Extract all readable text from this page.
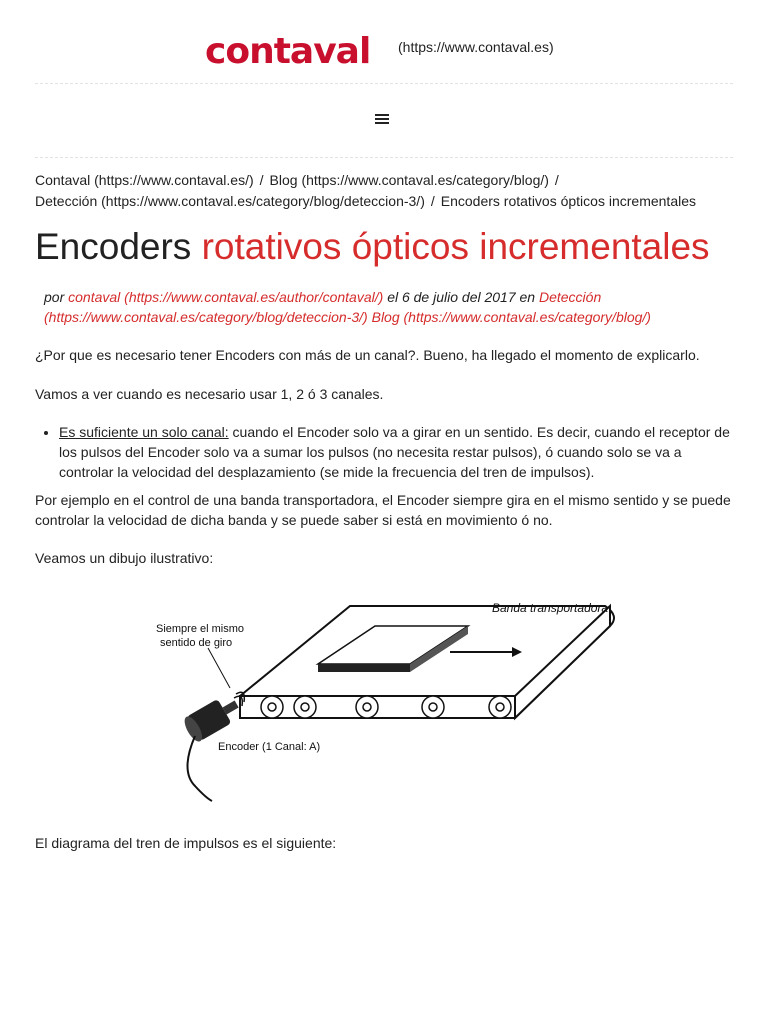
contaval (https://www.contaval.es)
Contaval (https://www.contaval.es/) / Blog (https://www.contaval.es/category/blog/) /
Detección (https://www.contaval.es/category/blog/deteccion-3/) / Encoders rotativos ópticos incrementales
Encoders rotativos ópticos incrementales
por contaval (https://www.contaval.es/author/contaval/) el 6 de julio del 2017 en Detección (https://www.contaval.es/category/blog/deteccion-3/) Blog (https://www.contaval.es/category/blog/)

¿Por que es necesario tener Encoders con más de un canal?. Bueno, ha llegado el momento de explicarlo.

Vamos a ver cuando es necesario usar 1, 2 ó 3 canales.

• Es suficiente un solo canal: cuando el Encoder solo va a girar en un sentido. Es decir, cuando el receptor de los pulsos del Encoder solo va a sumar los pulsos (no necesita restar pulsos), ó cuando solo se va a controlar la velocidad del desplazamiento (se mide la frecuencia del tren de impulsos).

Por ejemplo en el control de una banda transportadora, el Encoder siempre gira en el mismo sentido y se puede controlar la velocidad de dicha banda y se puede saber si está en movimiento ó no.

Veamos un dibujo ilustrativo:

Banda transportadora
Siempre el mismo
sentido de giro
Encoder (1 Canal: A)

El diagrama del tren de impulsos es el siguiente:
